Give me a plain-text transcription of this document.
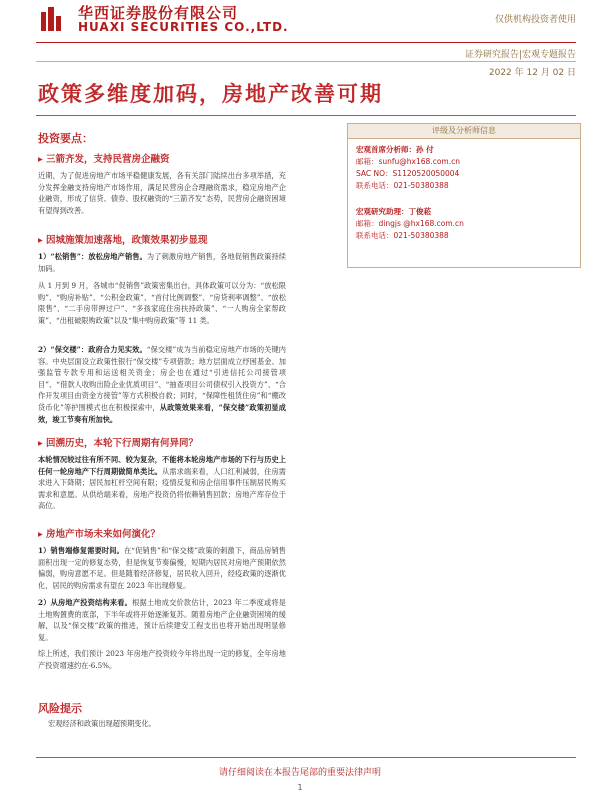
华西证券股份有限公司
HUAXI SECURITIES CO.,LTD.	仅供机构投资者使用
证券研究报告|宏观专题报告
2022 年 12 月 02 日
政策多维度加码，房地产改善可期
评级及分析师信息
宏观首席分析师：孙 付
邮箱：sunfu@hx168.com.cn
SAC NO：S1120520050004
联系电话：021-50380388
宏观研究助理：丁俊菘
邮箱：dingjs @hx168.com.cn
联系电话：021-50380388
投资要点：
▸ 三箭齐发，支持民营房企融资
近期，为了促进房地产市场平稳健康发展，各有关部门陆续出台多项举措，充分发挥金融支持房地产市场作用，满足民营房企合理融资需求，稳定房地产企业融资，形成了信贷、债券、股权融资的“三箭齐发”态势，民营房企融资困境有望得到改善。
▸ 因城施策加速落地，政策效果初步显现
1）“松销售”：放松房地产销售。为了刺激房地产销售，各地促销售政策持续加码。
从 1 月到 9 月，各城市“促销售”政策密集出台，具体政策可以分为：“放松限购”、“购房补贴”、“公积金政策”、“首付比例调整”、“房贷利率调整”、“放松限售”、“二手房带押过户”、“多孩家庭住房扶持政策”、“一人购房全家帮政策”、“出租破限购政策”以及“集中购房政策”等 11 类。
2）“保交楼”：政府合力见实效。“保交楼”成为当前稳定房地产市场的关键内容。中央层面设立政策性银行“保交楼”专项借款；地方层面成立纾困基金、加强监管专款专用和运送相关资金；房企也在通过“引进信托公司接管项目”、“借款人收购出险企业优质项目”、“抽查项目公司债权引入投资方”、“合作开发项目由资金方接管”等方式积极自救；同时，“保障性租赁住房”和“棚改货币化”等护围模式也在积极探索中，从政策效果来看，“保交楼”政策初显成效，竣工节奏有所加快。
▸ 回溯历史，本轮下行周期有何异同？
本轮情况较过往有所不同、较为复杂，不能将本轮房地产市场的下行与历史上任何一轮房地产下行周期做简单类比。从需求端来看，人口红利减弱，住房需求进入下降期；居民加杠杆空间有限；疫情反复和房企信用事件压制居民购买需求和意愿。从供给端来看，房地产投资仍将依赖销售回款；房地产库存位于高位。
▸ 房地产市场未来如何演化？
1）销售端修复需要时间。在“促销售”和“保交楼”政策的刺激下，商品房销售面积出现一定的修复态势，但是恢复节奏偏慢，短期内居民对房地产预期依然偏弱，购房意愿不足。但是随着经济修复，居民收入回升，经疫政策的逐渐优化，居民的购房需求有望在 2023 年出现修复。
2）从房地产投资结构来看。根据土地成交价款估计，2023 年二季度或将是土地购置费的底部，下半年或将开始逐渐复苏。随着房地产企业融资困境的缓解，以及“保交楼”政策的推进，预计后续建安工程支出也将开始出现明显修复。
综上所述，我们预计 2023 年房地产投资较今年将出现一定的修复，全年房地产投资增速约在-6.5%。
风险提示
宏观经济和政策出现超预期变化。
请仔细阅读在本报告尾部的重要法律声明
1
